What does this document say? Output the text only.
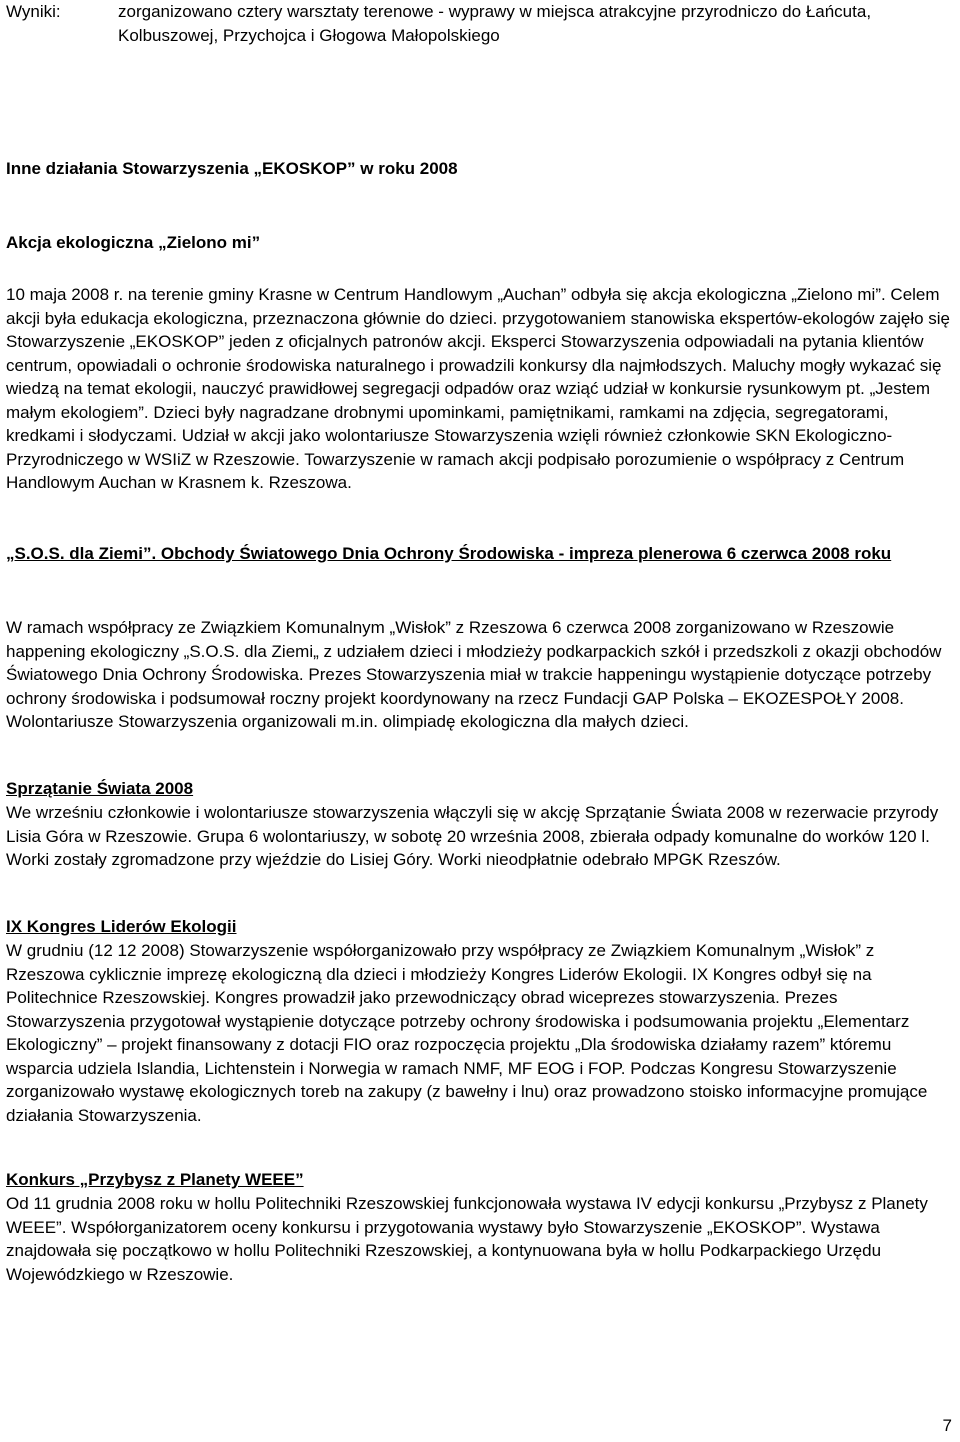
Wyniki:	zorganizowano cztery warsztaty terenowe - wyprawy w miejsca atrakcyjne przyrodniczo do Łańcuta, Kolbuszowej, Przychojca i Głogowa Małopolskiego
Inne działania Stowarzyszenia „EKOSKOP” w roku 2008
Akcja ekologiczna „Zielono mi”

10 maja 2008 r. na terenie gminy Krasne w Centrum Handlowym „Auchan” odbyła się akcja ekologiczna „Zielono mi”. Celem akcji była edukacja ekologiczna, przeznaczona głównie do dzieci. przygotowaniem stanowiska ekspertów-ekologów zajęło się Stowarzyszenie „EKOSKOP” jeden z oficjalnych patronów akcji. Eksperci Stowarzyszenia odpowiadali na pytania klientów centrum, opowiadali o ochronie środowiska naturalnego i prowadzili konkursy dla najmłodszych. Maluchy mogły wykazać się wiedzą na temat ekologii, nauczyć prawidłowej segregacji odpadów oraz wziąć udział w konkursie rysunkowym pt. „Jestem małym ekologiem”. Dzieci były nagradzane drobnymi upominkami, pamiętnikami, ramkami na zdjęcia, segregatorami, kredkami i słodyczami. Udział w akcji jako wolontariusze Stowarzyszenia wzięli również członkowie SKN Ekologiczno-Przyrodniczego w WSIiZ w Rzeszowie. Towarzyszenie w ramach akcji podpisało porozumienie o współpracy z Centrum Handlowym Auchan w Krasnem k. Rzeszowa.

„S.O.S. dla Ziemi”. Obchody Światowego Dnia Ochrony Środowiska - impreza plenerowa 6 czerwca 2008 roku

W ramach współpracy ze Związkiem Komunalnym „Wisłok” z Rzeszowa 6 czerwca 2008 zorganizowano w Rzeszowie happening ekologiczny „S.O.S. dla Ziemi„ z udziałem dzieci i młodzieży podkarpackich szkół i przedszkoli z okazji obchodów Światowego Dnia Ochrony Środowiska. Prezes Stowarzyszenia miał w trakcie happeningu wystąpienie dotyczące potrzeby ochrony środowiska i podsumował roczny projekt koordynowany na rzecz Fundacji GAP Polska – EKOZESPOŁY 2008. Wolontariusze Stowarzyszenia organizowali m.in. olimpiadę ekologiczna dla małych dzieci.

Sprzątanie Świata 2008

We wrześniu członkowie i wolontariusze stowarzyszenia włączyli się w akcję Sprzątanie Świata 2008 w rezerwacie przyrody Lisia Góra w Rzeszowie. Grupa 6 wolontariuszy, w sobotę 20 września 2008, zbierała odpady komunalne do worków 120 l. Worki zostały zgromadzone przy wjeździe do Lisiej Góry. Worki nieodpłatnie odebrało MPGK Rzeszów.

IX Kongres Liderów Ekologii

W grudniu (12 12 2008) Stowarzyszenie współorganizowało przy współpracy ze Związkiem Komunalnym „Wisłok” z Rzeszowa cyklicznie imprezę ekologiczną dla dzieci i młodzieży Kongres Liderów Ekologii. IX Kongres odbył się na Politechnice Rzeszowskiej. Kongres prowadził jako przewodniczący obrad wiceprezes stowarzyszenia. Prezes Stowarzyszenia przygotował wystąpienie dotyczące potrzeby ochrony środowiska i podsumowania projektu „Elementarz Ekologiczny” – projekt finansowany z dotacji FIO oraz rozpoczęcia projektu „Dla środowiska działamy razem” któremu wsparcia udziela Islandia, Lichtenstein i Norwegia w ramach NMF, MF EOG i FOP. Podczas Kongresu Stowarzyszenie zorganizowało wystawę ekologicznych toreb na zakupy (z bawełny i lnu) oraz prowadzono stoisko informacyjne promujące działania Stowarzyszenia.

Konkurs „Przybysz z Planety WEEE”

Od 11 grudnia 2008 roku w hollu Politechniki Rzeszowskiej funkcjonowała wystawa IV edycji konkursu „Przybysz z Planety WEEE”. Współorganizatorem oceny konkursu i przygotowania wystawy było Stowarzyszenie „EKOSKOP”. Wystawa znajdowała się początkowo w hollu Politechniki Rzeszowskiej, a kontynuowana była w hollu Podkarpackiego Urzędu Wojewódzkiego w Rzeszowie.

7
